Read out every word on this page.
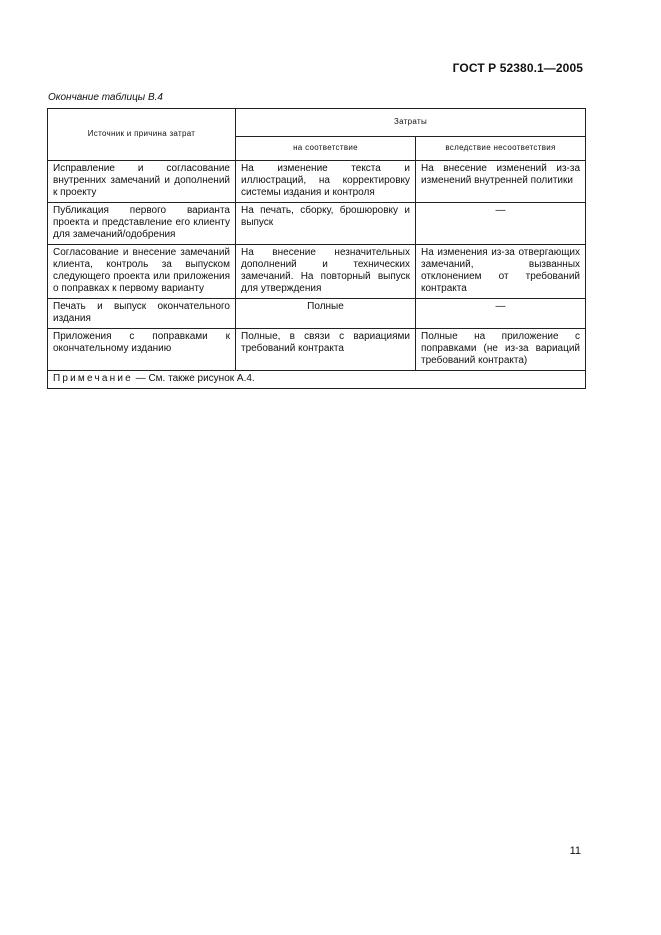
ГОСТ Р 52380.1—2005
Окончание таблицы В.4
Источник и причина затрат	Затраты	
	на соответствие	вследствие несоответствия
Исправление и согласование внутренних замечаний и дополнений к проекту	На изменение текста и иллюстраций, на корректировку системы издания и контроля	На внесение изменений из-за изменений внутренней политики
Публикация первого варианта проекта и представление его клиенту для замечаний/одобрения	На печать, сборку, брошюровку и выпуск	—
Согласование и внесение замечаний клиента, контроль за выпуском следующего проекта или приложения о поправках к первому варианту	На внесение незначительных дополнений и технических замечаний. На повторный выпуск для утверждения	На изменения из-за отвергающих замечаний, вызванных отклонением от требований контракта
Печать и выпуск окончательного издания	Полные	—
Приложения с поправками к окончательному изданию	Полные, в связи с вариациями требований контракта	Полные на приложение с поправками (не из-за вариаций требований контракта)
Примечание — См. также рисунок А.4.		
11
